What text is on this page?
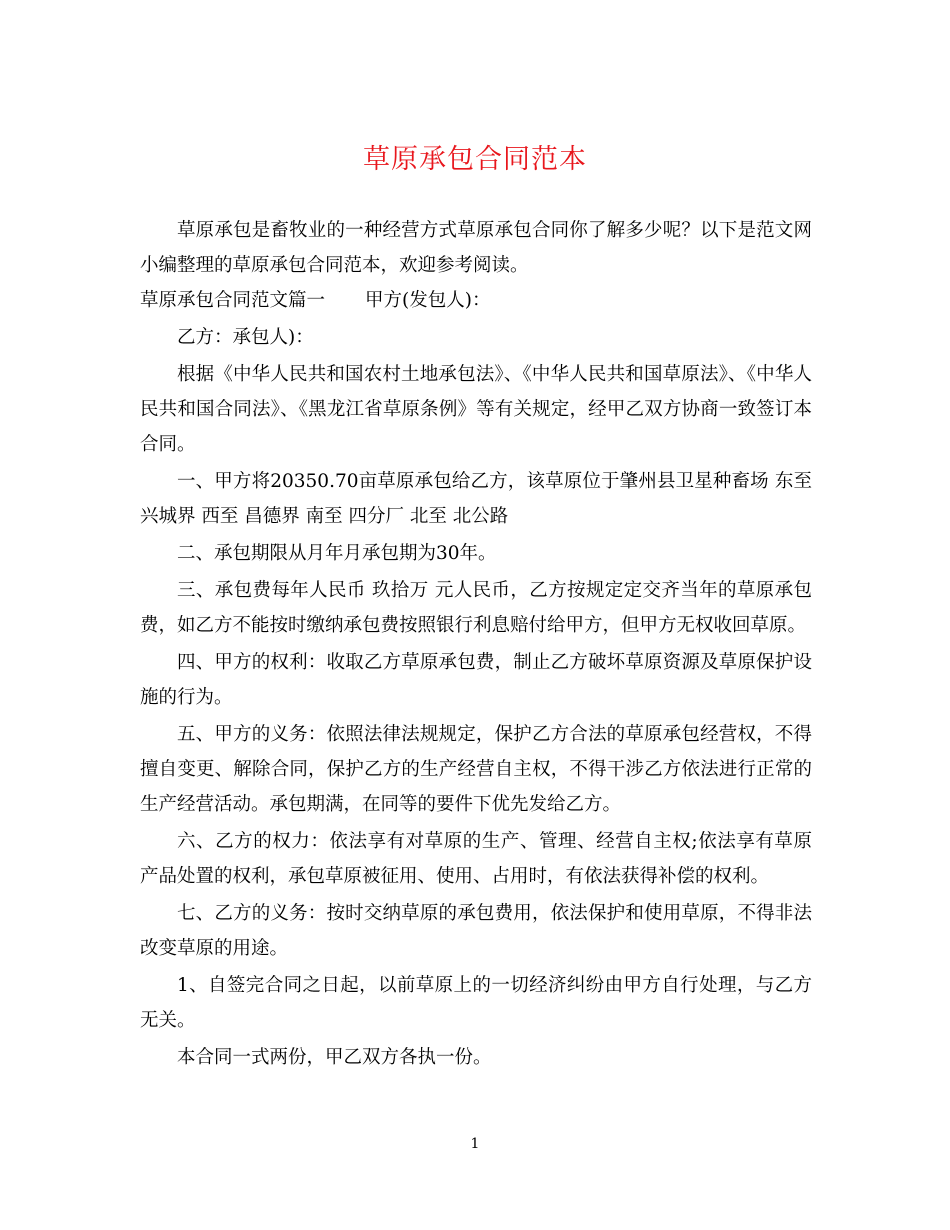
草原承包合同范本

草原承包是畜牧业的一种经营方式草原承包合同你了解多少呢？以下是范文网小编整理的草原承包合同范本，欢迎参考阅读。

草原承包合同范文篇一 甲方(发包人)：

乙方：承包人)：

根据《中华人民共和国农村土地承包法》、《中华人民共和国草原法》、《中华人民共和国合同法》、《黑龙江省草原条例》等有关规定，经甲乙双方协商一致签订本合同。

一、甲方将20350.70亩草原承包给乙方，该草原位于肇州县卫星种畜场 东至 兴城界 西至 昌德界 南至 四分厂 北至 北公路

二、承包期限从月年月承包期为30年。

三、承包费每年人民币 玖拾万 元人民币，乙方按规定定交齐当年的草原承包费，如乙方不能按时缴纳承包费按照银行利息赔付给甲方，但甲方无权收回草原。

四、甲方的权利：收取乙方草原承包费，制止乙方破坏草原资源及草原保护设施的行为。

五、甲方的义务：依照法律法规规定，保护乙方合法的草原承包经营权，不得擅自变更、解除合同，保护乙方的生产经营自主权，不得干涉乙方依法进行正常的生产经营活动。承包期满，在同等的要件下优先发给乙方。

六、乙方的权力：依法享有对草原的生产、管理、经营自主权;依法享有草原产品处置的权利，承包草原被征用、使用、占用时，有依法获得补偿的权利。

七、乙方的义务：按时交纳草原的承包费用，依法保护和使用草原，不得非法改变草原的用途。

1、自签完合同之日起，以前草原上的一切经济纠纷由甲方自行处理，与乙方无关。

本合同一式两份，甲乙双方各执一份。

1
